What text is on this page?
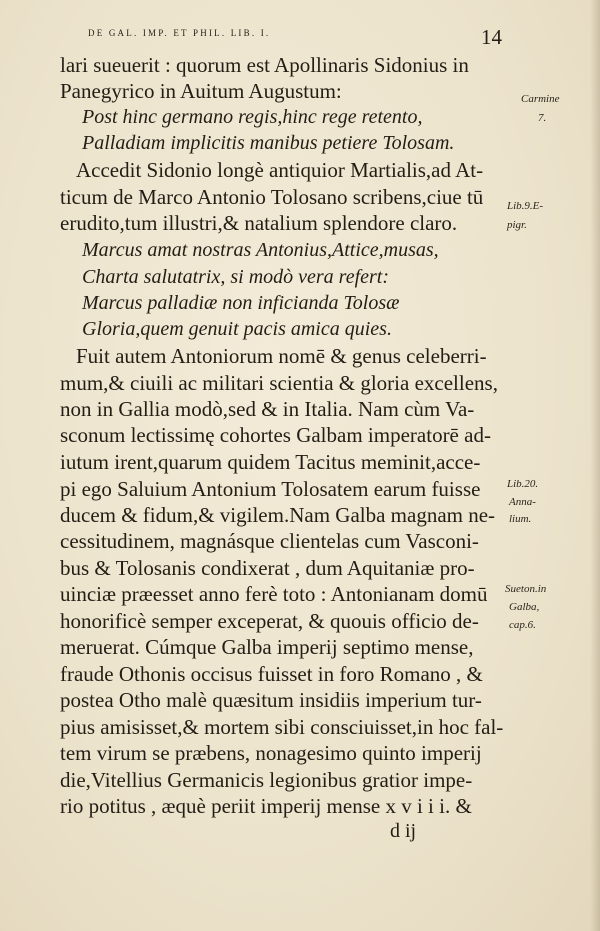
DE GAL. IMP. ET PHIL. LIB. I.	14
lari sueuerit : quorum est Apollinaris Sidonius in
Panegyrico in Auitum Augustum:
Post hinc germano regis,hinc rege retento,
Palladiam implicitis manibus petiere Tolosam.
Accedit Sidonio longè antiquior Martialis,ad At-
ticum de Marco Antonio Tolosano scribens,ciue tū
erudito,tum illustri,& natalium splendore claro.
Marcus amat nostras Antonius,Attice,musas,
Charta salutatrix, si modò vera refert:
Marcus palladiæ non inficianda Tolosæ
Gloria,quem genuit pacis amica quies.
Fuit autem Antoniorum nomē & genus celeberri-
mum,& ciuili ac militari scientia & gloria excellens,
non in Gallia modò,sed & in Italia. Nam cùm Va-
sconum lectissimę cohortes Galbam imperatorē ad-
iutum irent,quarum quidem Tacitus meminit,acce-
pi ego Saluium Antonium Tolosatem earum fuisse
ducem & fidum,& vigilem.Nam Galba magnam ne-
cessitudinem, magnásque clientelas cum Vasconi-
bus & Tolosanis condixerat , dum Aquitaniæ pro-
uinciæ præesset anno ferè toto : Antonianam domū
honorificè semper exceperat, & quouis officio de-
meruerat. Cúmque Galba imperij septimo mense,
fraude Othonis occisus fuisset in foro Romano , &
postea Otho malè quæsitum insidiis imperium tur-
pius amisisset,& mortem sibi consciuisset,in hoc fal-
tem virum se præbens, nonagesimo quinto imperij
die,Vitellius Germanicis legionibus gratior impe-
rio potitus , æquè periit imperij mense x v i i i. &
d ij
Carmine
7.
Lib.9.E-
pigr.
Lib.20.
Anna-
lium.
Sueton.in
Galba,
cap.6.
